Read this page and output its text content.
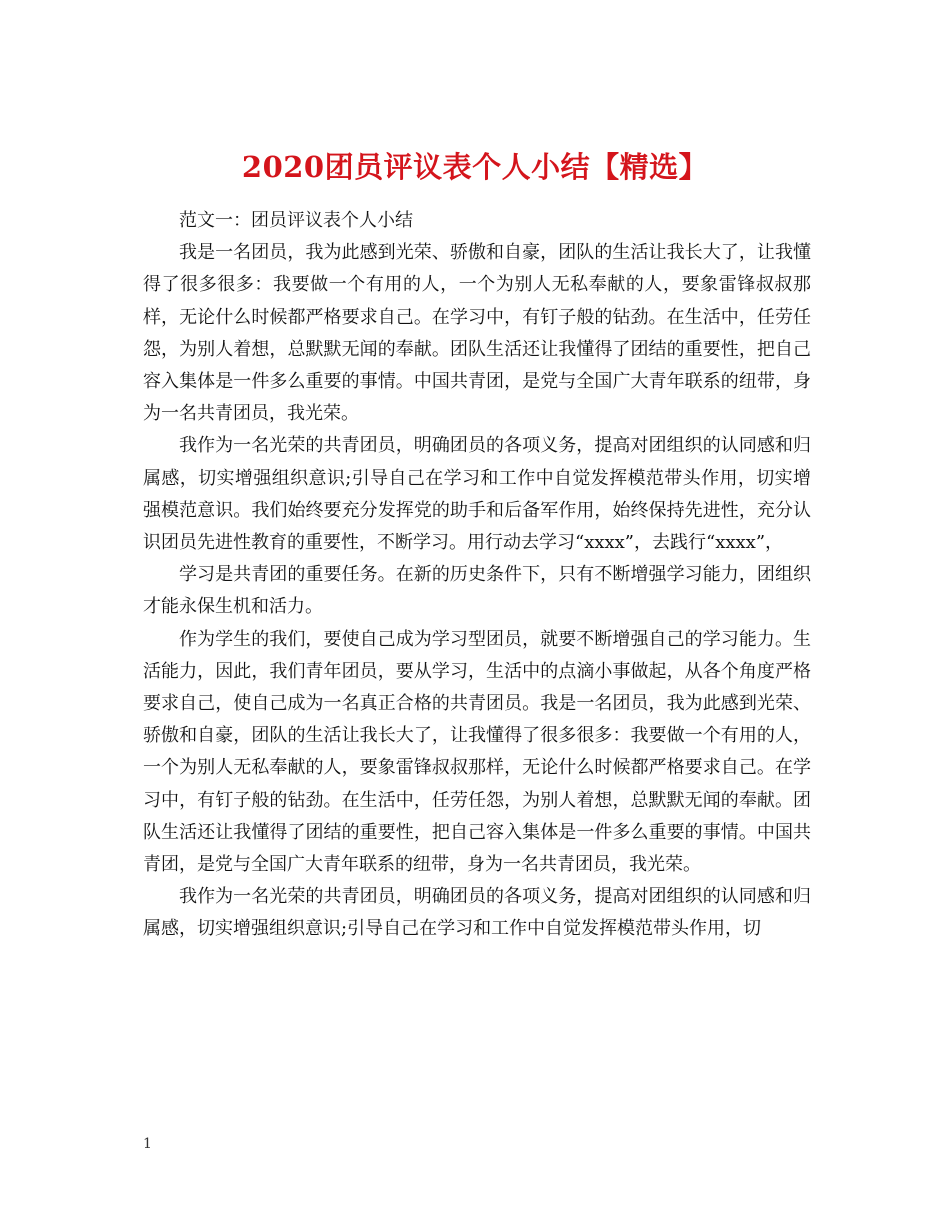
2020团员评议表个人小结【精选】

范文一：团员评议表个人小结

我是一名团员，我为此感到光荣、骄傲和自豪，团队的生活让我长大了，让我懂得了很多很多：我要做一个有用的人，一个为别人无私奉献的人，要象雷锋叔叔那样，无论什么时候都严格要求自己。在学习中，有钉子般的钻劲。在生活中，任劳任怨，为别人着想，总默默无闻的奉献。团队生活还让我懂得了团结的重要性，把自己容入集体是一件多么重要的事情。中国共青团，是党与全国广大青年联系的纽带，身为一名共青团员，我光荣。

我作为一名光荣的共青团员，明确团员的各项义务，提高对团组织的认同感和归属感，切实增强组织意识;引导自己在学习和工作中自觉发挥模范带头作用，切实增强模范意识。我们始终要充分发挥党的助手和后备军作用，始终保持先进性，充分认识团员先进性教育的重要性，不断学习。用行动去学习“xxxx”，去践行“xxxx”，

学习是共青团的重要任务。在新的历史条件下，只有不断增强学习能力，团组织才能永保生机和活力。

作为学生的我们，要使自己成为学习型团员，就要不断增强自己的学习能力。生活能力，因此，我们青年团员，要从学习，生活中的点滴小事做起，从各个角度严格要求自己，使自己成为一名真正合格的共青团员。我是一名团员，我为此感到光荣、骄傲和自豪，团队的生活让我长大了，让我懂得了很多很多：我要做一个有用的人，一个为别人无私奉献的人，要象雷锋叔叔那样，无论什么时候都严格要求自己。在学习中，有钉子般的钻劲。在生活中，任劳任怨，为别人着想，总默默无闻的奉献。团队生活还让我懂得了团结的重要性，把自己容入集体是一件多么重要的事情。中国共青团，是党与全国广大青年联系的纽带，身为一名共青团员，我光荣。

我作为一名光荣的共青团员，明确团员的各项义务，提高对团组织的认同感和归属感，切实增强组织意识;引导自己在学习和工作中自觉发挥模范带头作用，切

1
